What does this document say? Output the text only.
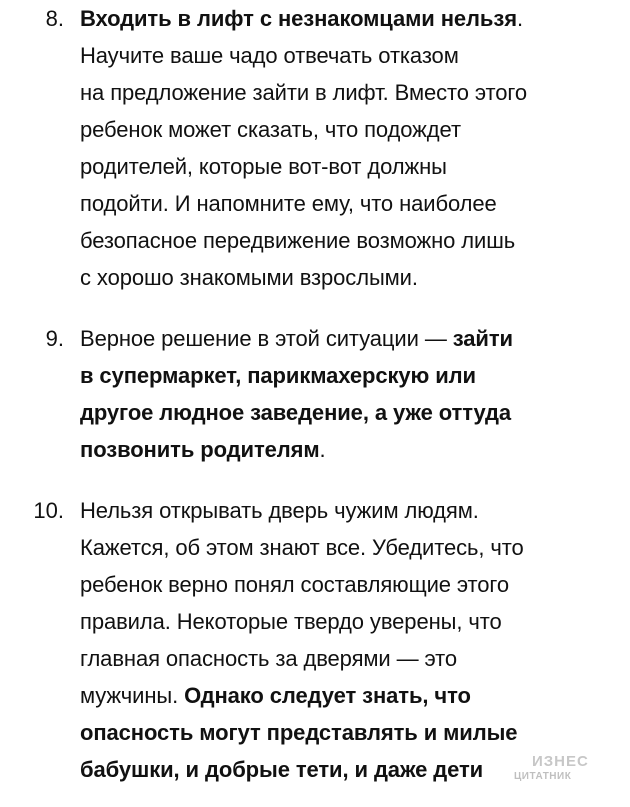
8. Входить в лифт с незнакомцами нельзя.
Научите ваше чадо отвечать отказом
на предложение зайти в лифт. Вместо этого
ребенок может сказать, что подождет
родителей, которые вот-вот должны
подойти. И напомните ему, что наиболее
безопасное передвижение возможно лишь
с хорошо знакомыми взрослыми.
9. Верное решение в этой ситуации — зайти
в супермаркет, парикмахерскую или
другое людное заведение, а уже оттуда
позвонить родителям.
10. Нельзя открывать дверь чужим людям.
Кажется, об этом знают все. Убедитесь, что
ребенок верно понял составляющие этого
правила. Некоторые твердо уверены, что
главная опасность за дверями — это
мужчины. Однако следует знать, что
опасность могут представлять и милые
бабушки, и добрые тети, и даже дети	ИЗНЕС
ЦИТАТНИК
